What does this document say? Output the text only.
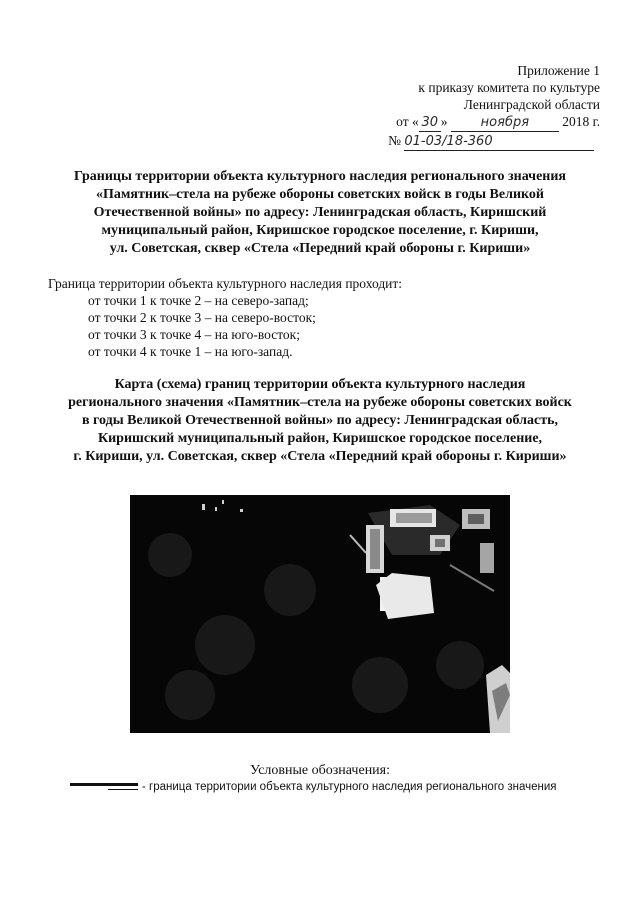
Приложение 1
к приказу комитета по культуре
Ленинградской области
от « 30 »	ноября 2018 г.
№ 01-03/18-360
Границы территории объекта культурного наследия регионального значения
«Памятник–стела на рубеже обороны советских войск в годы Великой
Отечественной войны» по адресу: Ленинградская область, Киришский
муниципальный район, Киришское городское поселение, г. Кириши,
ул. Советская, сквер «Стела «Передний край обороны г. Кириши»
Граница территории объекта культурного наследия проходит:
от точки 1 к точке 2 – на северо-запад;
от точки 2 к точке 3 – на северо-восток;
от точки 3 к точке 4 – на юго-восток;
от точки 4 к точке 1 – на юго-запад.
Карта (схема) границ территории объекта культурного наследия
регионального значения «Памятник–стела на рубеже обороны советских войск
в годы Великой Отечественной войны» по адресу: Ленинградская область,
Киришский муниципальный район, Киришское городское поселение,
г. Кириши, ул. Советская, сквер «Стела «Передний край обороны г. Кириши»
Условные обозначения:
- граница территории объекта культурного наследия регионального значения
